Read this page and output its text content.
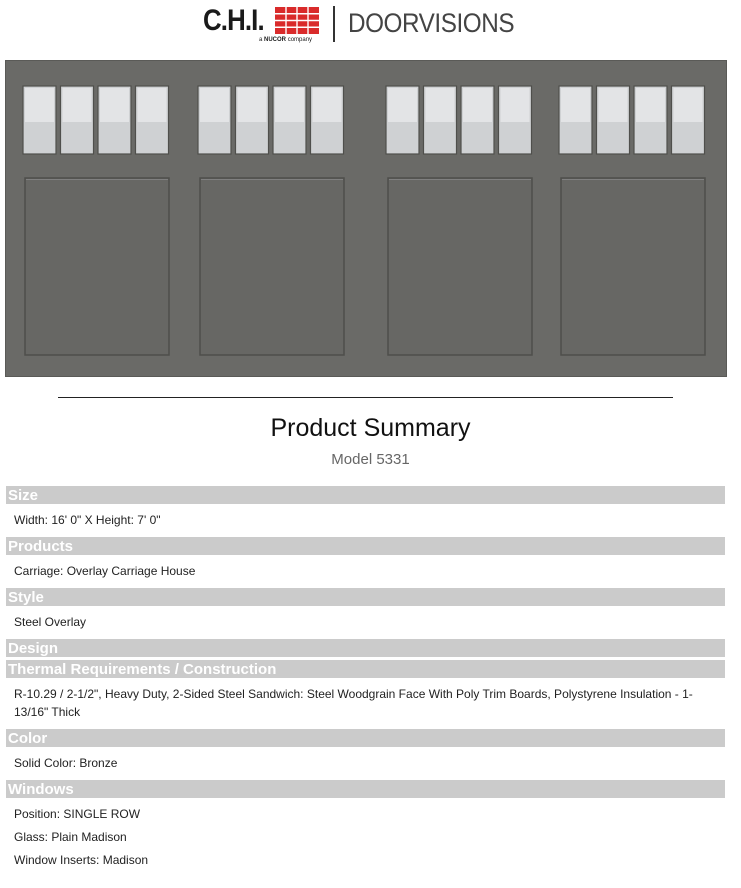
C.H.I.
a NUCOR company
DOORVISIONS
Product Summary
Model 5331
Size

Width: 16' 0" X Height: 7' 0"

Products

Carriage: Overlay Carriage House

Style

Steel Overlay

Design
Thermal Requirements / Construction

R-10.29 / 2-1/2", Heavy Duty, 2-Sided Steel Sandwich: Steel Woodgrain Face With Poly Trim Boards, Polystyrene Insulation - 1-13/16" Thick

Color

Solid Color: Bronze

Windows

Position: SINGLE ROW

Glass: Plain Madison

Window Inserts: Madison
